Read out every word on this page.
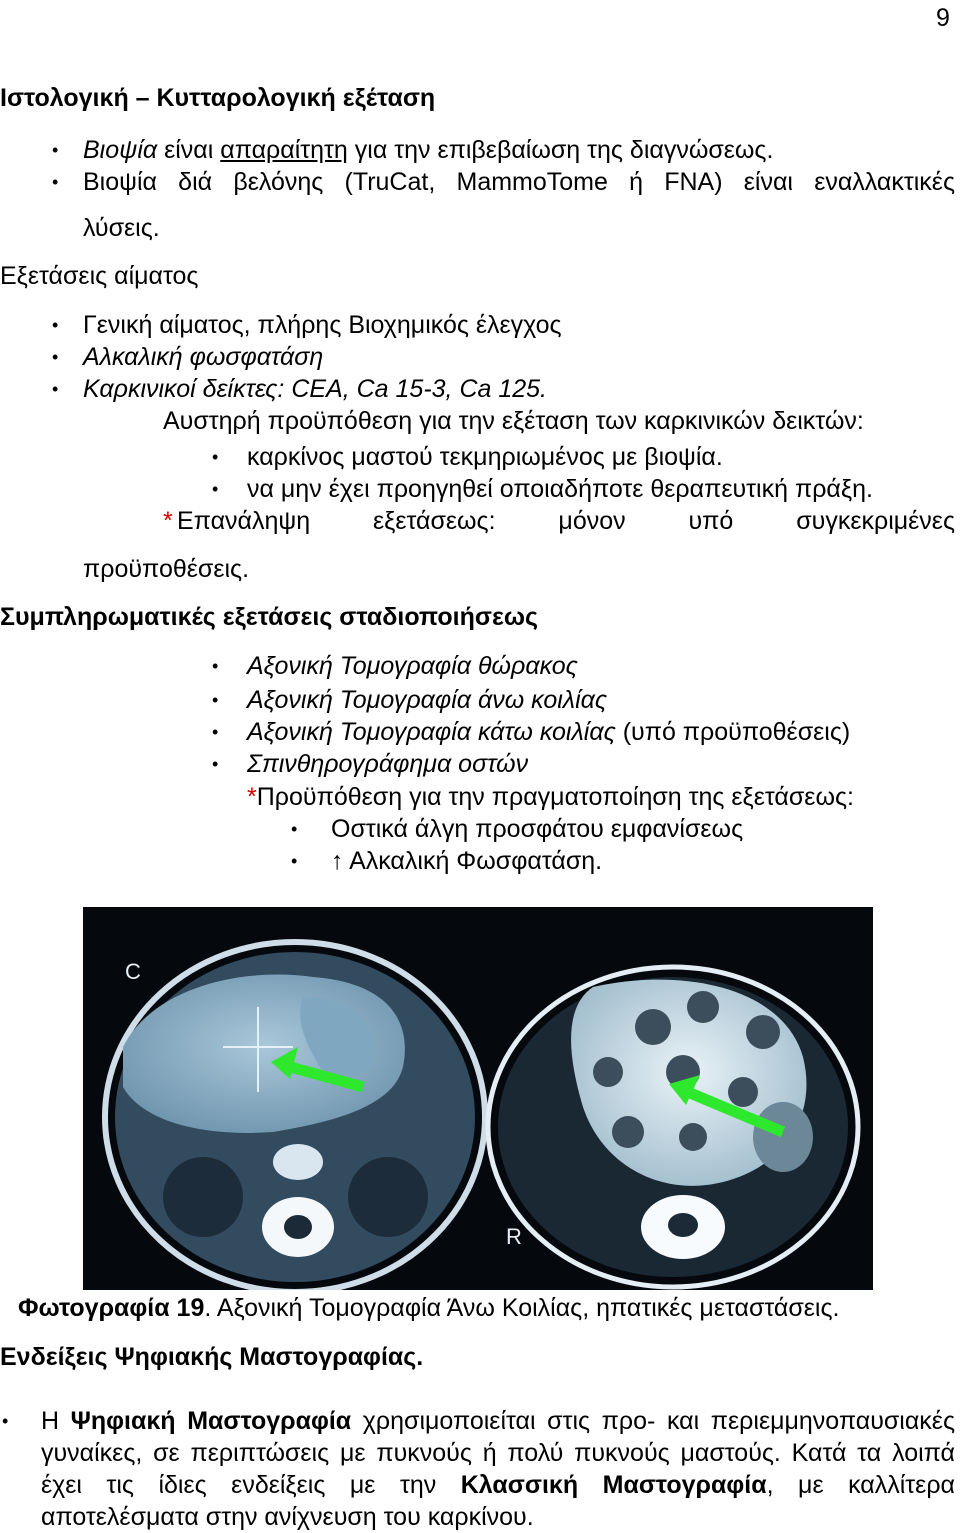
9
Ιστολογική – Κυτταρολογική εξέταση
• Βιοψία είναι απαραίτητη για την επιβεβαίωση της διαγνώσεως.
• Βιοψία διά βελόνης (TruCat, MammoTome ή FNA) είναι εναλλακτικές
λύσεις.
Εξετάσεις αίματος
• Γενική αίματος, πλήρης Βιοχημικός έλεγχος
• Αλκαλική φωσφατάση
• Καρκινικοί δείκτες: CEA, Ca 15-3, Ca 125.
Αυστηρή προϋπόθεση για την εξέταση των καρκινικών δεικτών:
• καρκίνος μαστού τεκμηριωμένος με βιοψία.
• να μην έχει προηγηθεί οποιαδήποτε θεραπευτική πράξη.
* Επανάληψη εξετάσεως: μόνον υπό συγκεκριμένες
προϋποθέσεις.
Συμπληρωματικές εξετάσεις σταδιοποιήσεως
• Αξονική Τομογραφία θώρακος
• Αξονική Τομογραφία άνω κοιλίας
• Αξονική Τομογραφία κάτω κοιλίας (υπό προϋποθέσεις)
• Σπινθηρογράφημα οστών
*Προϋπόθεση για την πραγματοποίηση της εξετάσεως:
• Οστικά άλγη προσφάτου εμφανίσεως
• ↑ Αλκαλική Φωσφατάση.
C
R
Φωτογραφία 19. Αξονική Τομογραφία Άνω Κοιλίας, ηπατικές μεταστάσεις.
Ενδείξεις Ψηφιακής Μαστογραφίας.
• Η Ψηφιακή Μαστογραφία χρησιμοποιείται στις προ- και περιεμμηνοπαυσιακές γυναίκες, σε περιπτώσεις με πυκνούς ή πολύ πυκνούς μαστούς. Κατά τα λοιπά έχει τις ίδιες ενδείξεις με την Κλασσική Μαστογραφία, με καλλίτερα αποτελέσματα στην ανίχνευση του καρκίνου.
